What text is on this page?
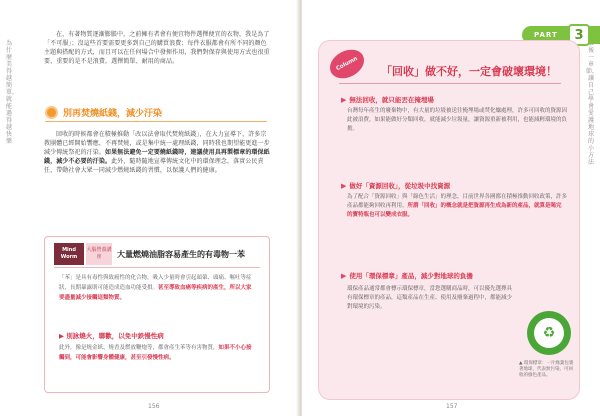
為什麼美得越簡單，就能過得越快樂

在，有著物質逐漸膨脹中，之前擁有者會有便宜物件選擇便宜的衣物，我是為了「不可服」；沒這些首要需要更多到自己的購買浪費；每件衣服都會有所不同的顏色主題與搭配的方式，而且可以在任何場合中發揮作用，我們對保存與使用方式也很重要，重要的是不是浪費，選擇簡單、耐用的商品。

別再焚燒紙錢，減少汙染

回收的時候都會在積極推動「改以法會取代焚燒紙錢」，在大力宣導下，許多宗教團體已經開始響應，不再焚燒，或是集中統一處理紙錢，同時我也期望能更進一步減少傳統祭祀的汙染。如果無法避免一定要燒紙錢時，建議使用具再製標章的環保紙錢，減少不必要的汙染。此外，隨時隨地宣導傳統文化中的環保理念，落實公民責任，帶動社會大眾一同減少燃燒紙錢的習慣，以保護人們的健康。

Mind Worm
大腦營養講座	大量燃燒油脂容易產生的有毒物一苯
「苯」是具有毒性與致癌性的化合物，吸入少量時會引起頭暈、頭痛、嘔吐等症狀，長期暴露則可能造成造血功能受損。甚至導致血癌等疾病的產生，所以大家要盡量減少接觸這類物質。
▶ 別詠燒火，聯歡，以免中鉄慢性病
此外，像是燒金紙、燒香及燃放鞭炮等，都會產生苯等有害物質，如果不小心接觸到，可能會影響身體健康，甚至引發慢性病。
156
後一章節，讓自己學會愛護地球的小方法
PART	3
Column	「回收」做不好，一定會破壞環境！
▶ 無法回收，就只能丟在掩埋場
台灣每年產生的廢棄物中，有大量的垃圾被送往掩埋場或焚化爐處理，許多可回收的資源因此被浪費，如果能做好分類回收，就能減少垃圾量，讓資源重新被利用，也能減輕環境的負擔。
▶ 做好「資源回收」，從垃圾中找資源
為了配合「資源回收」與「綠色生活」的理念，目前世界各國都在積極推動回收政策，許多產品都能夠回收再利用。所謂「回收」的概念就是把資源再生成為新的產品，就算是喝完的寶特瓶也可以變成衣服。
▶ 使用「環保標章」產品，減少對地球的負擔
環保產品通常都會標示環保標章，當您選購商品時，可以優先選擇具有環保標章的產品，這類產品在生產、使用及廢棄過程中，都能減少對環境的污染。
♻
▲ 環保標章：一片綠葉包裹著地球，代表無污染、可回收的綠色產品。
157
